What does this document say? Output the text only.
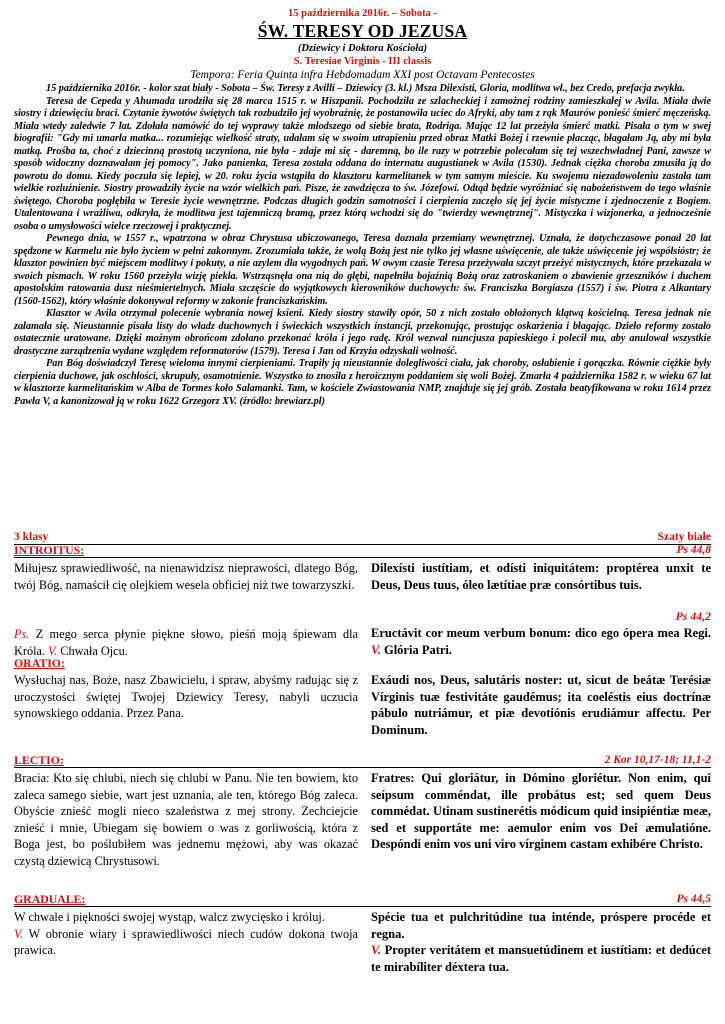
15 października 2016r. – Sobota -
ŚW. TERESY OD JEZUSA
(Dziewicy i Doktora Kościoła)
S. Teresiae Virginis - III classis
Tempora: Feria Quinta infra Hebdomadam XXI post Octavam Pentecostes

15 października 2016r. - kolor szat biały - Sobota – Św. Teresy z Avilli – Dziewicy (3. kl.) Msza Dilexisti, Gloria, modlitwa wł., bez Credo, prefacja zwykła.

Teresa de Cepeda y Ahumada urodziła się 28 marca 1515 r. w Hiszpanii. Pochodziła ze szlacheckiej i zamożnej rodziny zamieszkałej w Avila. Miała dwie siostry i dziewięciu braci. Czytanie żywotów świętych tak rozbudziło jej wyobraźnię, że postanowiła uciec do Afryki, aby tam z rąk Maurów ponieść śmierć męczeńską. Miała wtedy zaledwie 7 lat. Zdołała namówić do tej wyprawy także młodszego od siebie brata, Rodriga. Mając 12 lat przeżyła śmierć matki. Pisała o tym w swej biografii: "Gdy mi umarła matka... rozumiejąc wielkość straty, udałam się w swoim utrapieniu przed obraz Matki Bożej i rzewnie płacząc, błagałam Ją, aby mi była matką. Prośba ta, choć z dziecinną prostotą uczyniona, nie była - zdaje mi się - daremną, bo ile razy w potrzebie polecałam się tej wszechwładnej Pani, zawsze w sposób widoczny doznawałam jej pomocy". Jako panienka, Teresa została oddana do internatu augustianek w Avila (1530). Jednak ciężka choroba zmusiła ją do powrotu do domu. Kiedy poczuła się lepiej, w 20. roku życia wstąpiła do klasztoru karmelitanek w tym samym mieście. Ku swojemu niezadowoleniu zastała tam wielkie rozluźnienie. Siostry prowadziły życie na wzór wielkich pań. Pisze, że zawdzięcza to św. Józefowi. Odtąd będzie wyróżniać się nabożeństwem do tego właśnie świętego. Choroba pogłębiła w Teresie życie wewnętrzne. Podczas długich godzin samotności i cierpienia zaczęło się jej życie mistyczne i zjednoczenie z Bogiem. Utalentowana i wrażliwa, odkryła, że modlitwa jest tajemniczą bramą, przez którą wchodzi się do "twierdzy wewnętrznej". Mistyczka i wizjonerka, a jednocześnie osoba o umysłowości wielce rzeczowej i praktycznej.

Pewnego dnia, w 1557 r., wpatrzona w obraz Chrystusa ubiczowanego, Teresa doznała przemiany wewnętrznej. Uznała, że dotychczasowe ponad 20 lat spędzone w Karmelu nie było życiem w pełni zakonnym. Zrozumiała także, że wolą Bożą jest nie tylko jej własne uświęcenie, ale także uświęcenie jej współsióstr; że klasztor powinien być miejscem modlitwy i pokuty, a nie azylem dla wygodnych pań. W owym czasie Teresa przeżywała szczyt przeżyć mistycznych, które przekazała w swoich pismach. W roku 1560 przeżyła wizję piekła. Wstrząsnęła ona nią do głębi, napełniła bojaźnią Bożą oraz zatroskaniem o zbawienie grzeszników i duchem apostolskim ratowania dusz nieśmiertelnych. Miała szczęście do wyjątkowych kierowników duchowych: św. Franciszka Borgiasza (1557) i św. Piotra z Alkantary (1560-1562), który właśnie dokonywał reformy w zakonie franciszkańskim.

Klasztor w Avila otrzymał polecenie wybrania nowej ksieni. Kiedy siostry stawiły opór, 50 z nich zostało obłożonych klątwą kościelną. Teresa jednak nie załamała się. Nieustannie pisała listy do władz duchownych i świeckich wszystkich instancji, przekonując, prostując oskarżenia i błagając. Dzieło reformy zostało ostatecznie uratowane. Dzięki możnym obrońcom zdołano przekonać króla i jego radę. Król wezwał nuncjusza papieskiego i polecił mu, aby anulował wszystkie drastyczne zarządzenia wydane względem reformatorów (1579). Teresa i Jan od Krzyża odzyskali wolność.

Pan Bóg doświadczył Teresę wieloma innymi cierpieniami. Trapiły ją nieustannie dolegliwości ciała, jak choroby, osłabienie i gorączka. Równie ciężkie były cierpienia duchowe, jak oschłości, skrupuły, osamotnienie. Wszystko to znosiła z heroicznym poddaniem się woli Bożej. Zmarła 4 października 1582 r. w wieku 67 lat w klasztorze karmelitańskim w Alba de Tormes koło Salamanki. Tam, w kościele Zwiastowania NMP, znajduje się jej grób. Została beatyfikowana w roku 1614 przez Pawła V, a kanonizował ją w roku 1622 Grzegorz XV. (źródło: brewiarz.pl)

3 klasy	Szaty białe
INTROITUS:	Ps 44,8
Miłujesz sprawiedliwość, na nienawidzisz nieprawości, dlatego Bóg, twój Bóg, namaścił cię olejkiem wesela obficiej niż twe towarzyszki.
Dilexísti iustítiam, et odísti iniquitátem: proptérea unxit te Deus, Deus tuus, óleo lætítiae præ consórtibus tuis.
Ps. Z mego serca płynie piękne słowo, pieśń moją śpiewam dla Króla. V. Chwała Ojcu.
Ps 44,2
Eructávit cor meum verbum bonum: dico ego ópera mea Regi. V. Glória Patri.
ORATIO:
Wysłuchaj nas, Boże, nasz Zbawicielu, i spraw, abyśmy radując się z uroczystości świętej Twojej Dziewicy Teresy, nabyli uczucia synowskiego oddania. Przez Pana.
Exáudi nos, Deus, salutáris noster: ut, sicut de beátæ Terésiæ Vírginis tuæ festivitáte gaudémus; ita coeléstis eius doctrínæ pábulo nutriámur, et piæ devotiónis erudiámur affectu. Per Dominum.
LECTIO:	2 Kor 10,17-18; 11,1-2
Bracia: Kto się chlubi, niech się chlubi w Panu. Nie ten bowiem, kto zaleca samego siebie, wart jest uznania, ale ten, którego Bóg zaleca. Obyście znieść mogli nieco szaleństwa z mej strony. Zechciejcie znieść i mnie, Ubiegam się bowiem o was z gorliwością, która z Boga jest, bo poślubiłem was jednemu mężowi, aby was okazać czystą dziewicą Chrystusowi.
Fratres: Qui gloriátur, in Dómino gloriétur. Non enim, qui seípsum comméndat, ille probátus est; sed quem Deus commédat. Utinam sustinerétis módicum quid insipiéntiæ meæ, sed et supportáte me: aemulor enim vos Dei æmulatióne. Despóndi enim vos uni viro vírginem castam exhibére Christo.
GRADUALE:	Ps 44,5
W chwale i piękności swojej wystąp, walcz zwycięsko i króluj.
V. W obronie wiary i sprawiedliwości niech cudów dokona twoja prawica.
Spécie tua et pulchritúdine tua inténde, próspere procéde et regna.
V. Propter veritátem et mansuetúdinem et iustítiam: et dedúcet te mirabíliter déxtera tua.
